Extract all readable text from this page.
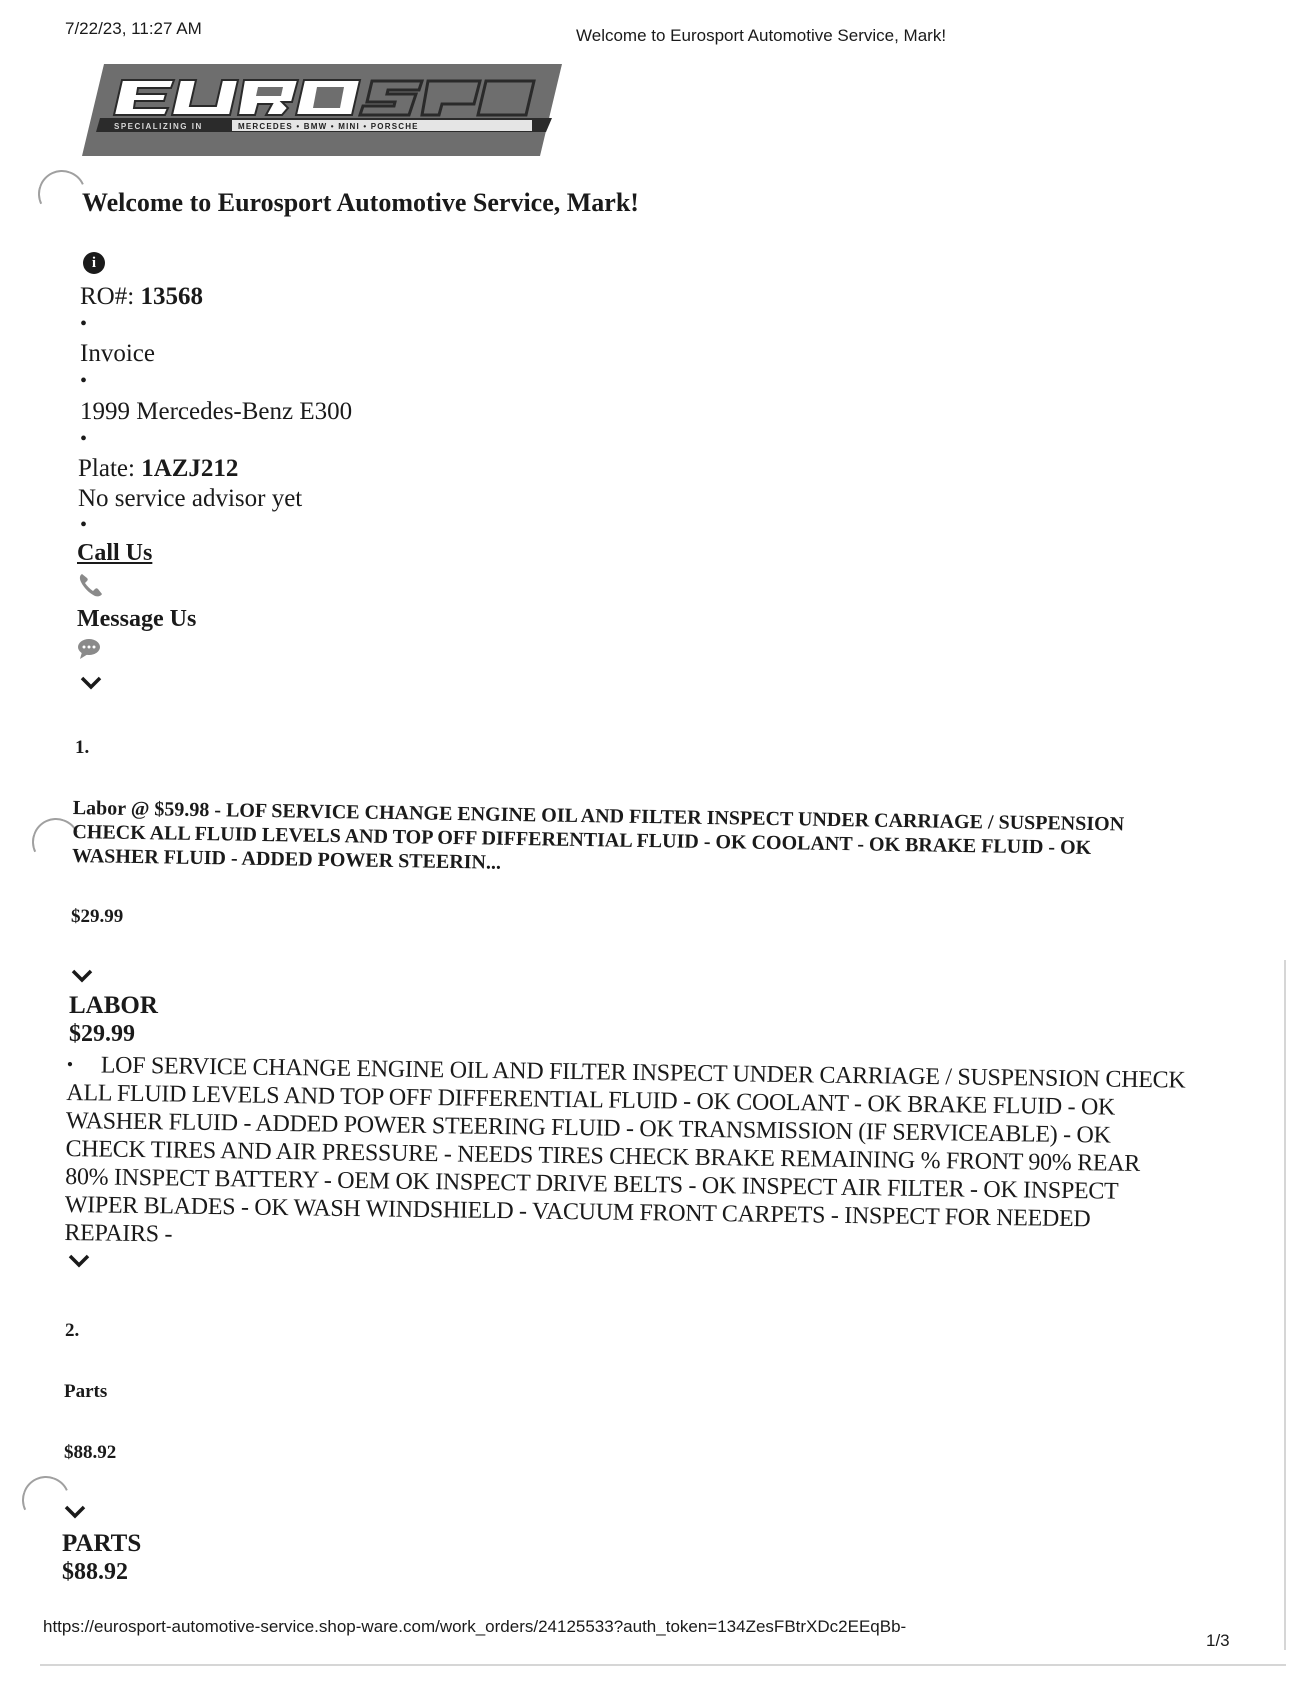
7/22/23, 11:27 AM	Welcome to Eurosport Automotive Service, Mark!
SPECIALIZING IN	MERCEDES • BMW • MINI • PORSCHE
Welcome to Eurosport Automotive Service, Mark!
i
RO#: 13568
•
Invoice
•
1999 Mercedes-Benz E300
•
Plate: 1AZJ212
No service advisor yet
•
Call Us
Message Us
1.
Labor @ $59.98 - LOF SERVICE CHANGE ENGINE OIL AND FILTER INSPECT UNDER CARRIAGE / SUSPENSION CHECK ALL FLUID LEVELS AND TOP OFF DIFFERENTIAL FLUID - OK COOLANT - OK BRAKE FLUID - OK WASHER FLUID - ADDED POWER STEERIN...
$29.99
LABOR
$29.99
• LOF SERVICE CHANGE ENGINE OIL AND FILTER INSPECT UNDER CARRIAGE / SUSPENSION CHECK ALL FLUID LEVELS AND TOP OFF DIFFERENTIAL FLUID - OK COOLANT - OK BRAKE FLUID - OK WASHER FLUID - ADDED POWER STEERING FLUID - OK TRANSMISSION (IF SERVICEABLE) - OK CHECK TIRES AND AIR PRESSURE - NEEDS TIRES CHECK BRAKE REMAINING % FRONT 90% REAR 80% INSPECT BATTERY - OEM OK INSPECT DRIVE BELTS - OK INSPECT AIR FILTER - OK INSPECT WIPER BLADES - OK WASH WINDSHIELD - VACUUM FRONT CARPETS - INSPECT FOR NEEDED REPAIRS -
2.
Parts
$88.92
PARTS
$88.92
https://eurosport-automotive-service.shop-ware.com/work_orders/24125533?auth_token=134ZesFBtrXDc2EEqBb-
1/3
